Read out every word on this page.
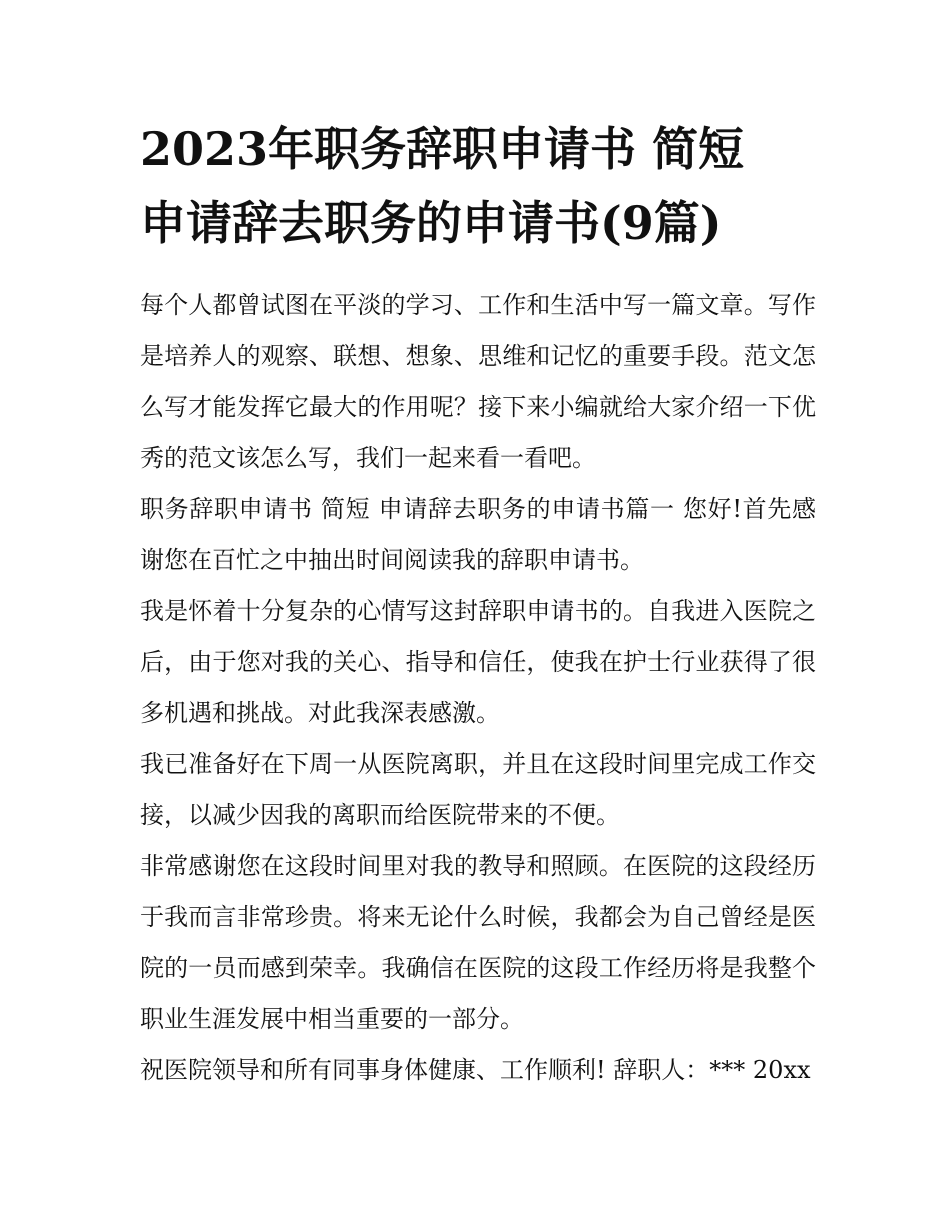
2023年职务辞职申请书 简短
申请辞去职务的申请书(9篇)

每个人都曾试图在平淡的学习、工作和生活中写一篇文章。写作是培养人的观察、联想、想象、思维和记忆的重要手段。范文怎么写才能发挥它最大的作用呢？接下来小编就给大家介绍一下优秀的范文该怎么写，我们一起来看一看吧。

职务辞职申请书 简短 申请辞去职务的申请书篇一 您好!首先感谢您在百忙之中抽出时间阅读我的辞职申请书。

我是怀着十分复杂的心情写这封辞职申请书的。自我进入医院之后，由于您对我的关心、指导和信任，使我在护士行业获得了很多机遇和挑战。对此我深表感激。

我已准备好在下周一从医院离职，并且在这段时间里完成工作交接，以减少因我的离职而给医院带来的不便。

非常感谢您在这段时间里对我的教导和照顾。在医院的这段经历于我而言非常珍贵。将来无论什么时候，我都会为自己曾经是医院的一员而感到荣幸。我确信在医院的这段工作经历将是我整个职业生涯发展中相当重要的一部分。

祝医院领导和所有同事身体健康、工作顺利! 辞职人：*** 20xx
